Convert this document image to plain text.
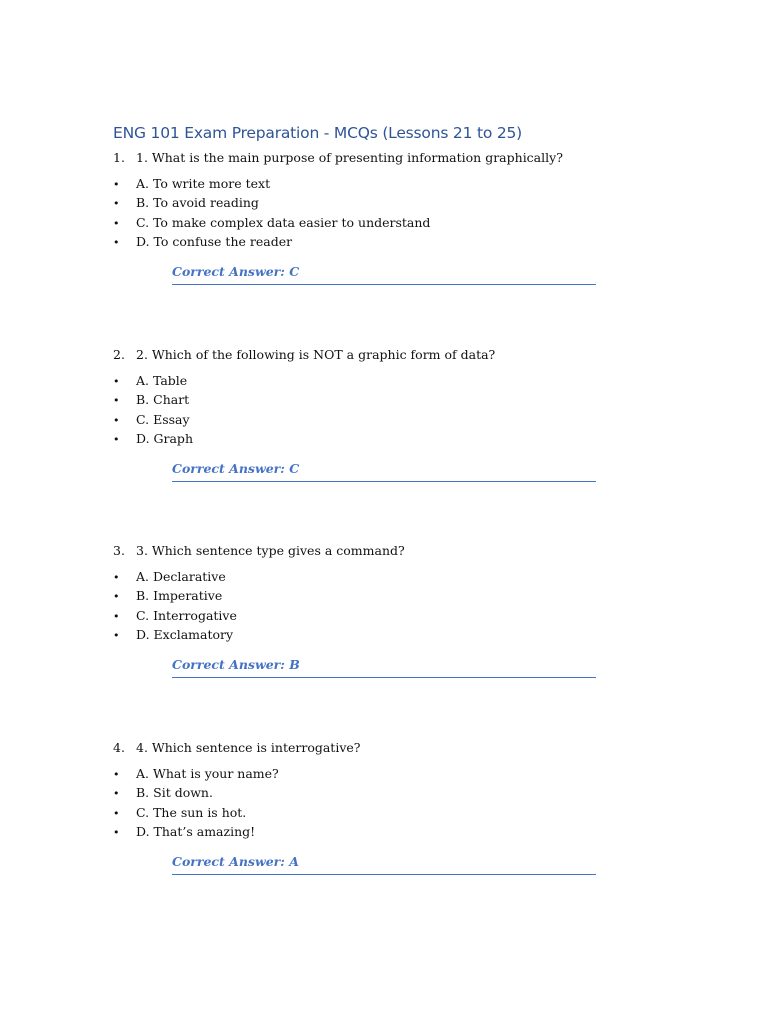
ENG 101 Exam Preparation - MCQs (Lessons 21 to 25)
1. 1. What is the main purpose of presenting information graphically?
• A. To write more text
• B. To avoid reading
• C. To make complex data easier to understand
• D. To confuse the reader
Correct Answer: C
2. 2. Which of the following is NOT a graphic form of data?
• A. Table
• B. Chart
• C. Essay
• D. Graph
Correct Answer: C
3. 3. Which sentence type gives a command?
• A. Declarative
• B. Imperative
• C. Interrogative
• D. Exclamatory
Correct Answer: B
4. 4. Which sentence is interrogative?
• A. What is your name?
• B. Sit down.
• C. The sun is hot.
• D. That’s amazing!
Correct Answer: A
